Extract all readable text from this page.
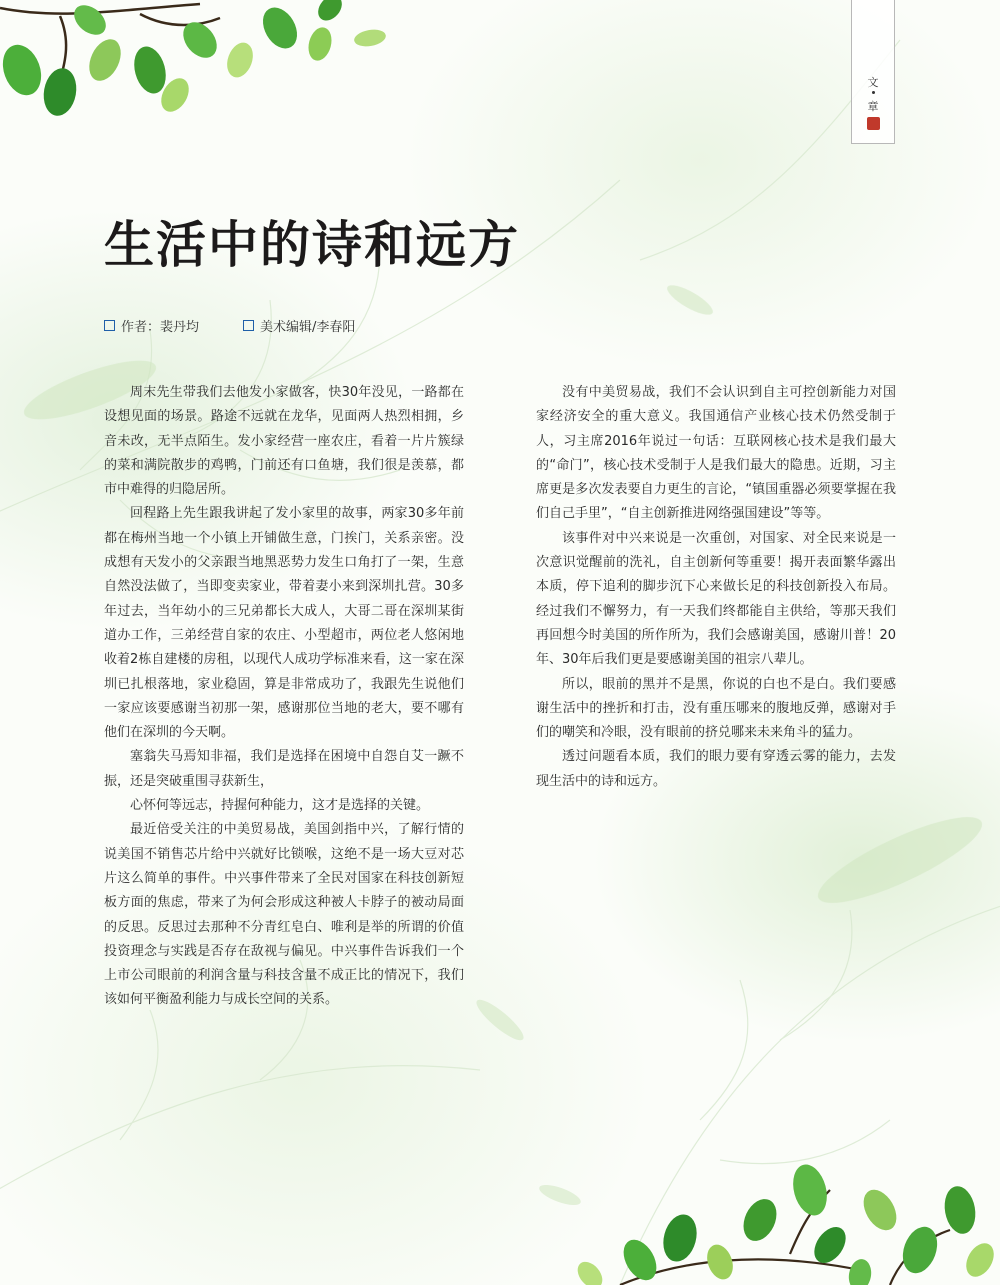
文
章
生活中的诗和远方
作者：裴丹均	美术编辑/李春阳

周末先生带我们去他发小家做客，快30年没见，一路都在设想见面的场景。路途不远就在龙华，见面两人热烈相拥，乡音未改，无半点陌生。发小家经营一座农庄，看着一片片簇绿的菜和满院散步的鸡鸭，门前还有口鱼塘，我们很是羡慕，都市中难得的归隐居所。

回程路上先生跟我讲起了发小家里的故事，两家30多年前都在梅州当地一个小镇上开铺做生意，门挨门，关系亲密。没成想有天发小的父亲跟当地黑恶势力发生口角打了一架，生意自然没法做了，当即变卖家业，带着妻小来到深圳扎营。30多年过去，当年幼小的三兄弟都长大成人，大哥二哥在深圳某街道办工作，三弟经营自家的农庄、小型超市，两位老人悠闲地收着2栋自建楼的房租，以现代人成功学标准来看，这一家在深圳已扎根落地，家业稳固，算是非常成功了，我跟先生说他们一家应该要感谢当初那一架，感谢那位当地的老大，要不哪有他们在深圳的今天啊。

塞翁失马焉知非福，我们是选择在困境中自怨自艾一蹶不振，还是突破重围寻获新生，

心怀何等远志，持握何种能力，这才是选择的关键。

最近倍受关注的中美贸易战，美国剑指中兴，了解行情的说美国不销售芯片给中兴就好比锁喉，这绝不是一场大豆对芯片这么简单的事件。中兴事件带来了全民对国家在科技创新短板方面的焦虑，带来了为何会形成这种被人卡脖子的被动局面的反思。反思过去那种不分青红皂白、唯利是举的所谓的价值投资理念与实践是否存在敌视与偏见。中兴事件告诉我们一个上市公司眼前的利润含量与科技含量不成正比的情况下，我们该如何平衡盈利能力与成长空间的关系。

没有中美贸易战，我们不会认识到自主可控创新能力对国家经济安全的重大意义。我国通信产业核心技术仍然受制于人，习主席2016年说过一句话：互联网核心技术是我们最大的“命门”，核心技术受制于人是我们最大的隐患。近期，习主席更是多次发表要自力更生的言论，“镇国重器必须要掌握在我们自己手里”，“自主创新推进网络强国建设”等等。

该事件对中兴来说是一次重创，对国家、对全民来说是一次意识觉醒前的洗礼，自主创新何等重要！揭开表面繁华露出本质，停下追利的脚步沉下心来做长足的科技创新投入布局。经过我们不懈努力，有一天我们终都能自主供给，等那天我们再回想今时美国的所作所为，我们会感谢美国，感谢川普！20年、30年后我们更是要感谢美国的祖宗八辈儿。

所以，眼前的黑并不是黑，你说的白也不是白。我们要感谢生活中的挫折和打击，没有重压哪来的腹地反弹，感谢对手们的嘲笑和冷眼，没有眼前的挤兑哪来未来角斗的猛力。

透过问题看本质，我们的眼力要有穿透云雾的能力，去发现生活中的诗和远方。
